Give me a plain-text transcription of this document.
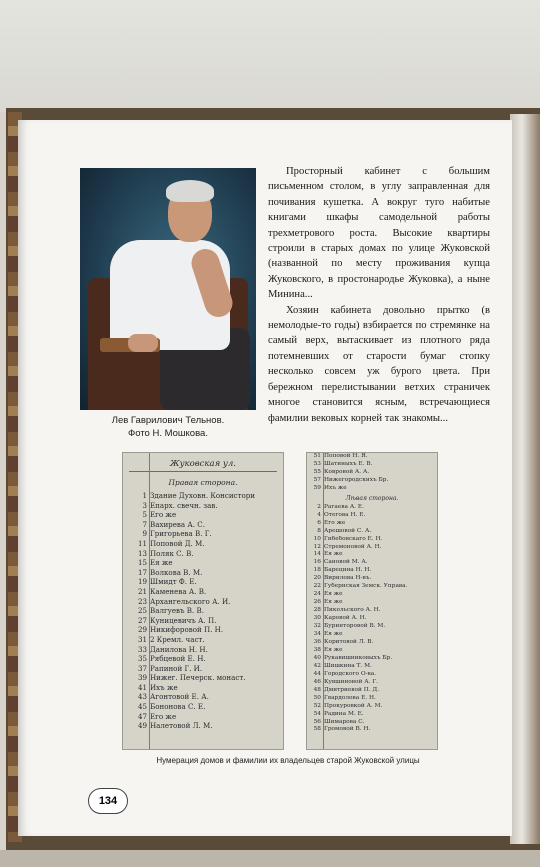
Лев Гаврилович Тельнов.
Фото Н. Мошкова.

Просторный кабинет с большим письменном столом, в углу заправленная для почивания кушетка. А вокруг туго набитые книгами шкафы самодельной работы трехметрового роста. Высокие квартиры строили в старых домах по улице Жуковской (названной по месту проживания купца Жуковского, в простонародье Жуковка), а ныне Минина...

Хозяин кабинета довольно прытко (в немолодые-то годы) взбирается по стремянке на самый верх, вытаскивает из плотного ряда потемневших от старости бумаг стопку несколько совсем уж бурого цвета. При бережном перелистывании ветхих страничек многое становится ясным, встречающиеся фамилии вековых корней так знакомы...

Жуковская ул.
Правая сторона.
1 Здание Духовн. Консистори
3 Епарх. свечн. зав.
5 Его же
7 Вахирева А. С.
9 Григорьева В. Г.
11 Поповой Д. М.
13 Поляк С. В.
15 Ея же
17 Волкова В. М.
19 Шмидт Ф. Е.
21 Каменева А. В.
23 Архангельского А. И.
25 Валгуевъ В. В.
27 Куницевичъ А. П.
29 Никифоровой П. Н.
31 2 Кремл. част.
33 Даниловa Н. Н.
35 Рябцевой Е. Н.
37 Рапиной Г. И.
39 Нижег. Печерск. монаст.
41 Ихъ же
43 Агонтовой Е. А.
45 Бононова С. Е.
47 Его же
49 Налетовой Л. М.
51 Поповой Н. Я.
53 Шатиныхъ Е. В.
55 Ковровой А. А.
57 Нижегородскихъ Бр.
59 Ихъ же
Лѣвая сторона.
2 Рагаева А. Е.
4 Отегова Н. Е.
6 Его же
8 Арешовой С. А.
10 Гибебовскаго Е. Н.
12 Стремоновой А. Н.
14 Ея же
16 Сановой М. А.
18 Барецина Н. Н.
20 Вирилова Н-въ.
22 Губернская Земск. Управа.
24 Ея же
26 Ея же
28 Пикольского А. Н.
30 Каровой А. Н.
32 Буринторовой В. М.
34 Ея же
36 Коритовой Л. В.
38 Ея же
40 Рукавишниковыхъ Бр.
42 Шишкина Т. М.
44 Городского О-ва.
46 Кувшиновой А. Г.
48 Дмитриевой П. Д.
50 Гвардолова Е. Н.
52 Прокуровкой А. М.
54 Радина М. Е.
56 Шимарова С.
58 Громовой В. Н.
Нумерация домов и фамилии их владельцев старой Жуковской улицы
134
